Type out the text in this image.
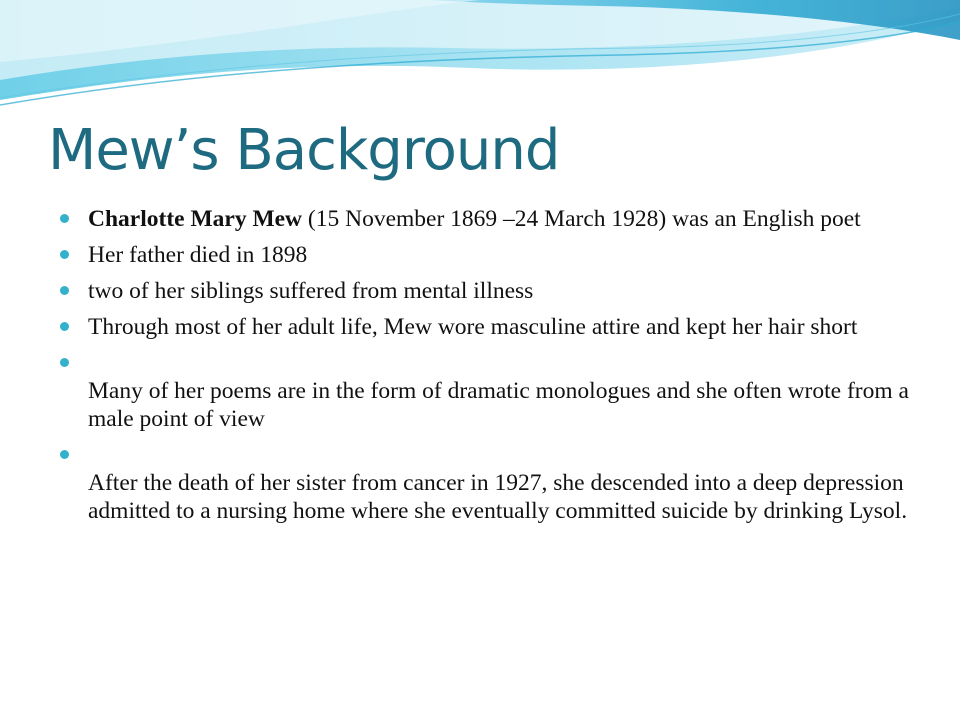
Mew’s Background
Charlotte Mary Mew (15 November 1869 –24 March 1928) was an English poet
Her father died in 1898
two of her siblings suffered from mental illness
Through most of her adult life, Mew wore masculine attire and kept her hair short
Many of her poems are in the form of dramatic monologues and she often wrote from a male point of view
After the death of her sister from cancer in 1927, she descended into a deep depression admitted to a nursing home where she eventually committed suicide by drinking Lysol.
